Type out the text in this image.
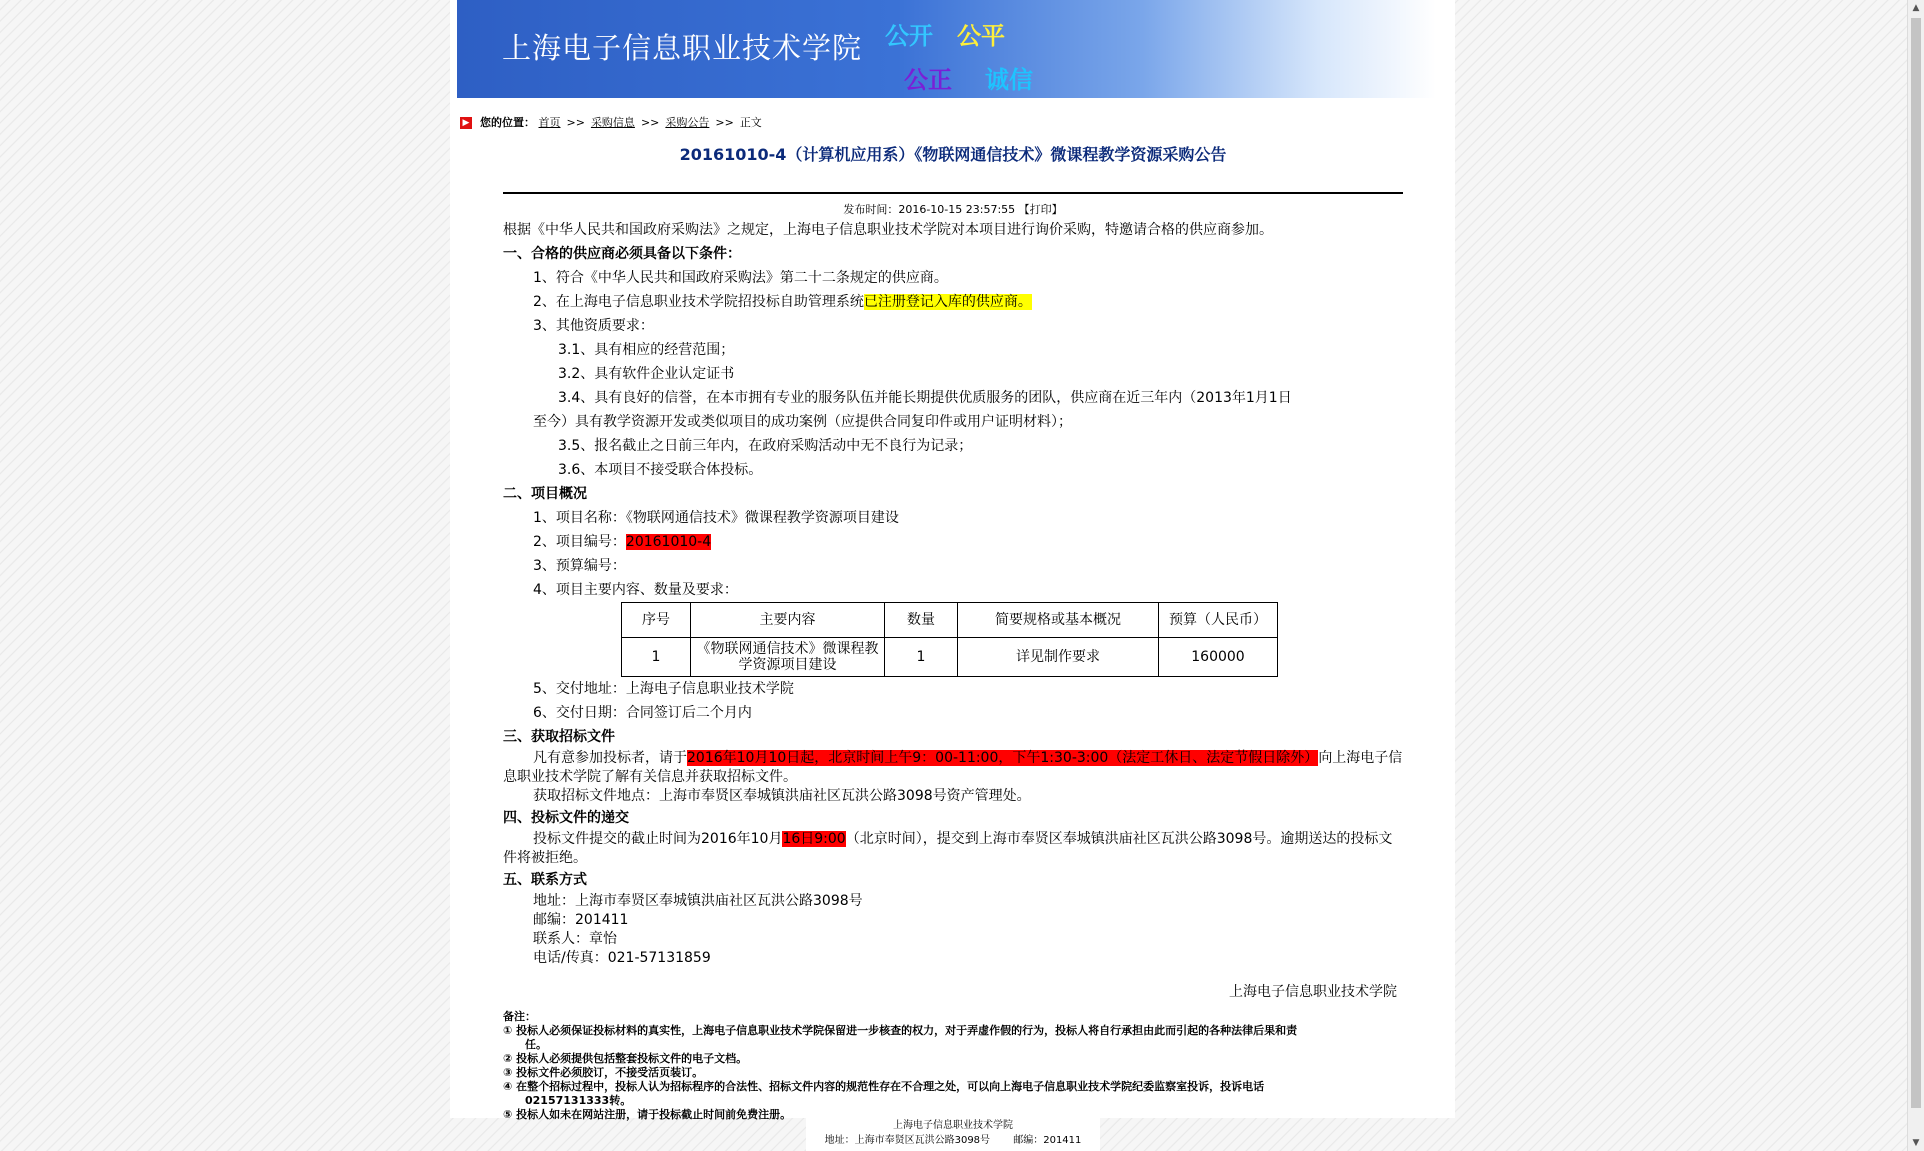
上海电子信息职业技术学院 公开 公平
公正 诚信
▶ 您的位置： 首页 >> 采购信息 >> 采购公告 >> 正文
20161010-4（计算机应用系）《物联网通信技术》微课程教学资源采购公告
发布时间：2016-10-15 23:57:55 【打印】
根据《中华人民共和国政府采购法》之规定，上海电子信息职业技术学院对本项目进行询价采购，特邀请合格的供应商参加。
一、合格的供应商必须具备以下条件：
1、符合《中华人民共和国政府采购法》第二十二条规定的供应商。
2、在上海电子信息职业技术学院招投标自助管理系统已注册登记入库的供应商。
3、其他资质要求：
3.1、具有相应的经营范围；
3.2、具有软件企业认定证书
3.4、具有良好的信誉，在本市拥有专业的服务队伍并能长期提供优质服务的团队，供应商在近三年内（2013年1月1日
至今）具有教学资源开发或类似项目的成功案例（应提供合同复印件或用户证明材料）；
3.5、报名截止之日前三年内，在政府采购活动中无不良行为记录；
3.6、本项目不接受联合体投标。
二、项目概况
1、项目名称：《物联网通信技术》微课程教学资源项目建设
2、项目编号：20161010-4
3、预算编号：
4、项目主要内容、数量及要求：
序号	主要内容	数量	简要规格或基本概况	预算（人民币）
1	《物联网通信技术》微课程教学资源项目建设	1	详见制作要求	160000
5、交付地址：上海电子信息职业技术学院
6、交付日期：合同签订后二个月内
三、获取招标文件
凡有意参加投标者，请于2016年10月10日起，北京时间上午9：00-11:00，下午1:30-3:00（法定工休日、法定节假日除外）向上海电子信息职业技术学院了解有关信息并获取招标文件。
获取招标文件地点：上海市奉贤区奉城镇洪庙社区瓦洪公路3098号资产管理处。
四、投标文件的递交
投标文件提交的截止时间为2016年10月16日9:00（北京时间），提交到上海市奉贤区奉城镇洪庙社区瓦洪公路3098号。逾期送达的投标文件将被拒绝。
五、联系方式
地址：上海市奉贤区奉城镇洪庙社区瓦洪公路3098号
邮编：201411
联系人：章怡
电话/传真：021-57131859
上海电子信息职业技术学院
备注：
① 投标人必须保证投标材料的真实性，上海电子信息职业技术学院保留进一步核查的权力，对于弄虚作假的行为，投标人将自行承担由此而引起的各种法律后果和责
任。
② 投标人必须提供包括整套投标文件的电子文档。
③ 投标文件必须胶订，不接受活页装订。
④ 在整个招标过程中，投标人认为招标程序的合法性、招标文件内容的规范性存在不合理之处，可以向上海电子信息职业技术学院纪委监察室投诉，投诉电话
02157131333转。
⑤ 投标人如未在网站注册，请于投标截止时间前免费注册。
上海电子信息职业技术学院
地址：上海市奉贤区瓦洪公路3098号　　 邮编：201411
▲
▼
